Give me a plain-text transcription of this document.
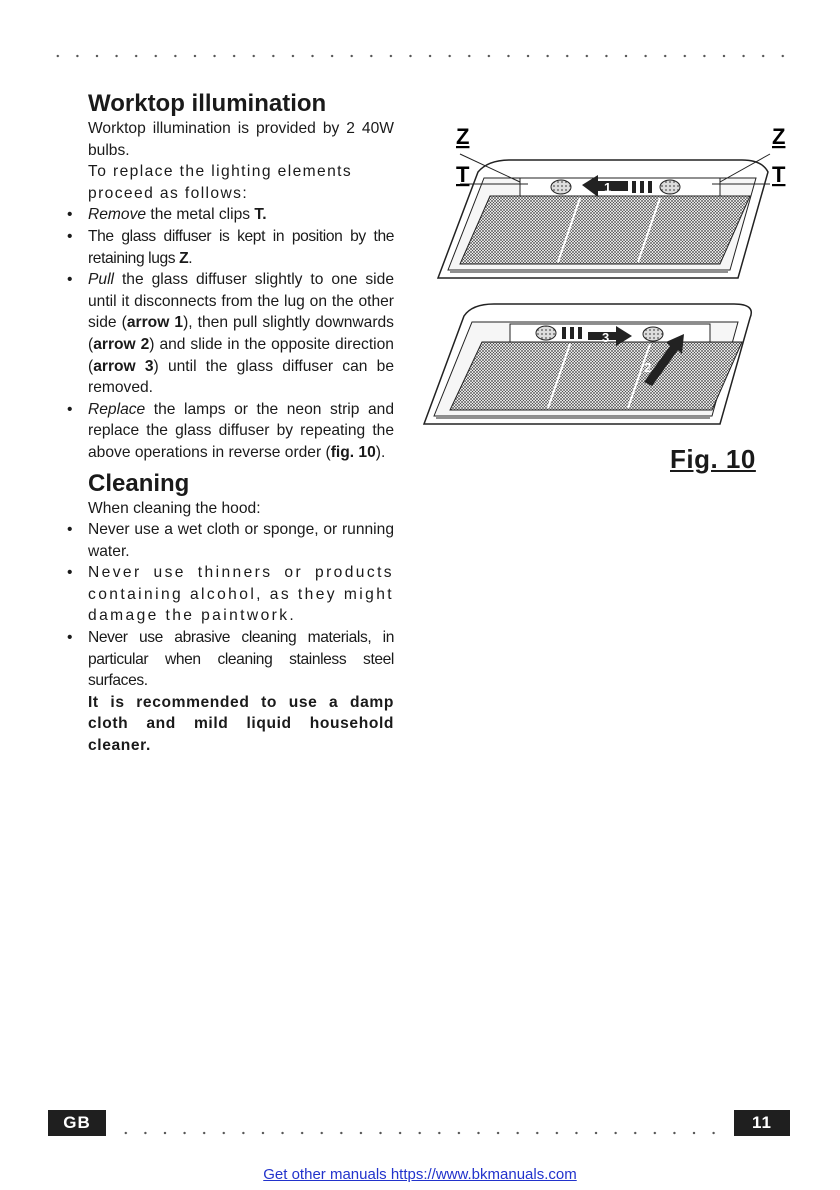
Worktop illumination

Worktop illumination is provided by 2 40W bulbs.

To replace the lighting elements proceed as follows:

• Remove the metal clips T.
• The glass diffuser is kept in position by the retaining lugs Z.
• Pull the glass diffuser slightly to one side until it disconnects from the lug on the other side (arrow 1), then pull slightly downwards (arrow 2) and slide in the opposite direction (arrow 3) until the glass diffuser can be removed.
• Replace the lamps or the neon strip and replace the glass diffuser by repeating the above operations in reverse order (fig. 10).
Cleaning

When cleaning the hood:

• Never use a wet cloth or sponge, or running water.
• Never use thinners or products containing alcohol, as they might damage the paintwork.
• Never use abrasive cleaning materials, in particular when cleaning stainless steel surfaces.
It is recommended to use a damp cloth and mild liquid household cleaner.
1
Z
T
Z
T
3
2
Fig. 10
GB	11
Get other manuals https://www.bkmanuals.com
